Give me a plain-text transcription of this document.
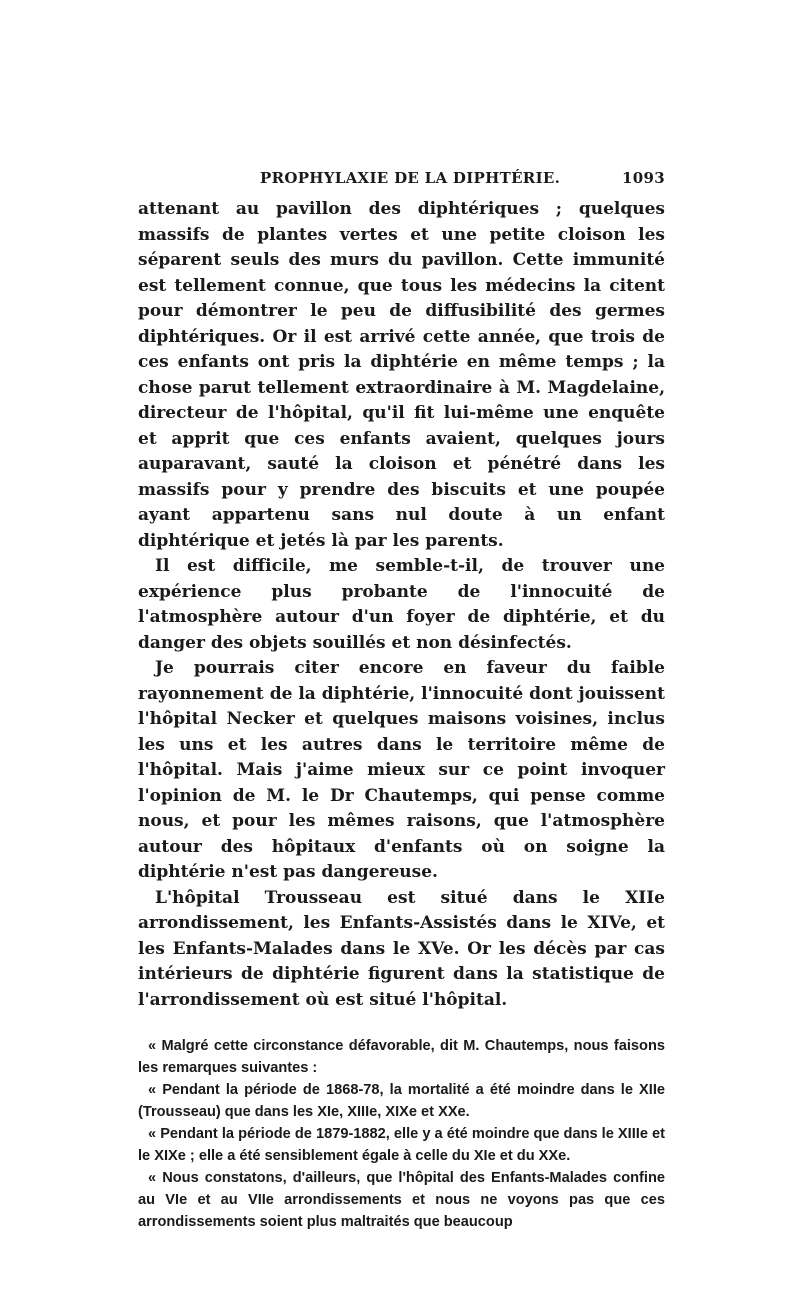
PROPHYLAXIE DE LA DIPHTÉRIE.	1093

attenant au pavillon des diphtériques ; quelques massifs de plantes vertes et une petite cloison les séparent seuls des murs du pavillon. Cette immunité est tellement connue, que tous les médecins la citent pour démontrer le peu de diffusibilité des germes diphtériques. Or il est arrivé cette année, que trois de ces enfants ont pris la diphtérie en même temps ; la chose parut tellement extraordinaire à M. Magdelaine, directeur de l'hôpital, qu'il fit lui-même une enquête et apprit que ces enfants avaient, quelques jours auparavant, sauté la cloison et pénétré dans les massifs pour y prendre des biscuits et une poupée ayant appartenu sans nul doute à un enfant diphtérique et jetés là par les parents.

Il est difficile, me semble-t-il, de trouver une expérience plus probante de l'innocuité de l'atmosphère autour d'un foyer de diphtérie, et du danger des objets souillés et non désinfectés.

Je pourrais citer encore en faveur du faible rayonnement de la diphtérie, l'innocuité dont jouissent l'hôpital Necker et quelques maisons voisines, inclus les uns et les autres dans le territoire même de l'hôpital. Mais j'aime mieux sur ce point invoquer l'opinion de M. le Dr Chautemps, qui pense comme nous, et pour les mêmes raisons, que l'atmosphère autour des hôpitaux d'enfants où on soigne la diphtérie n'est pas dangereuse.

L'hôpital Trousseau est situé dans le XIIe arrondissement, les Enfants-Assistés dans le XIVe, et les Enfants-Malades dans le XVe. Or les décès par cas intérieurs de diphtérie figurent dans la statistique de l'arrondissement où est situé l'hôpital.

« Malgré cette circonstance défavorable, dit M. Chautemps, nous faisons les remarques suivantes :

« Pendant la période de 1868-78, la mortalité a été moindre dans le XIIe (Trousseau) que dans les XIe, XIIIe, XIXe et XXe.

« Pendant la période de 1879-1882, elle y a été moindre que dans le XIIIe et le XIXe ; elle a été sensiblement égale à celle du XIe et du XXe.

« Nous constatons, d'ailleurs, que l'hôpital des Enfants-Malades confine au VIe et au VIIe arrondissements et nous ne voyons pas que ces arrondissements soient plus maltraités que beaucoup
